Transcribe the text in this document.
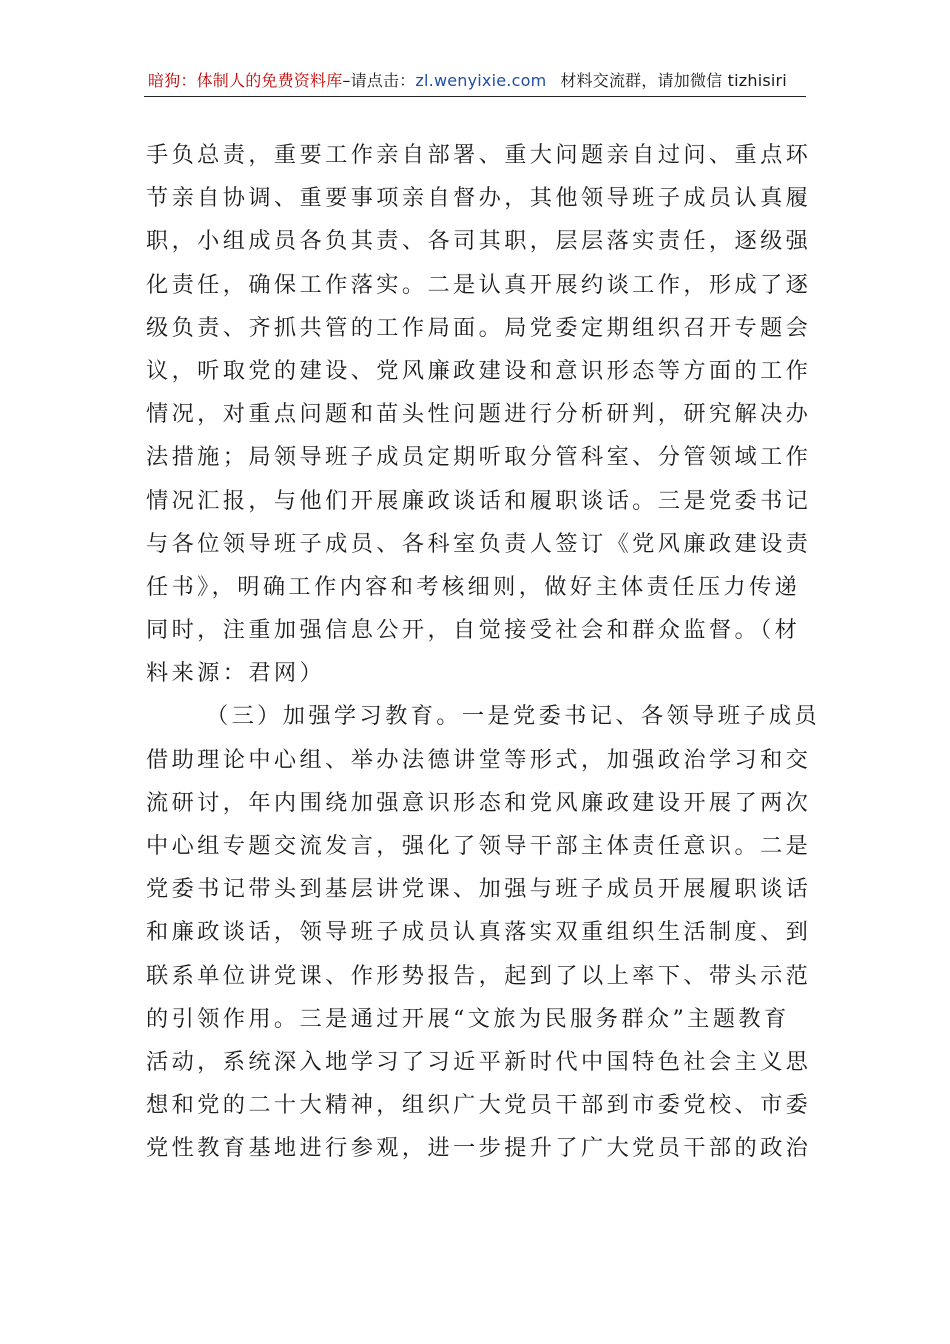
暗狗：体制人的免费资料库–请点击：zl.wenyixie.com 材料交流群，请加微信 tizhisiri
手负总责，重要工作亲自部署、重大问题亲自过问、重点环
节亲自协调、重要事项亲自督办，其他领导班子成员认真履
职，小组成员各负其责、各司其职，层层落实责任，逐级强
化责任，确保工作落实。二是认真开展约谈工作，形成了逐
级负责、齐抓共管的工作局面。局党委定期组织召开专题会
议，听取党的建设、党风廉政建设和意识形态等方面的工作
情况，对重点问题和苗头性问题进行分析研判，研究解决办
法措施；局领导班子成员定期听取分管科室、分管领域工作
情况汇报，与他们开展廉政谈话和履职谈话。三是党委书记
与各位领导班子成员、各科室负责人签订《党风廉政建设责
任书》，明确工作内容和考核细则，做好主体责任压力传递
同时，注重加强信息公开，自觉接受社会和群众监督。（材
料来源：君网）
（三）加强学习教育。一是党委书记、各领导班子成员
借助理论中心组、举办法德讲堂等形式，加强政治学习和交
流研讨，年内围绕加强意识形态和党风廉政建设开展了两次
中心组专题交流发言，强化了领导干部主体责任意识。二是
党委书记带头到基层讲党课、加强与班子成员开展履职谈话
和廉政谈话，领导班子成员认真落实双重组织生活制度、到
联系单位讲党课、作形势报告，起到了以上率下、带头示范
的引领作用。三是通过开展“文旅为民服务群众”主题教育
活动，系统深入地学习了习近平新时代中国特色社会主义思
想和党的二十大精神，组织广大党员干部到市委党校、市委
党性教育基地进行参观，进一步提升了广大党员干部的政治
